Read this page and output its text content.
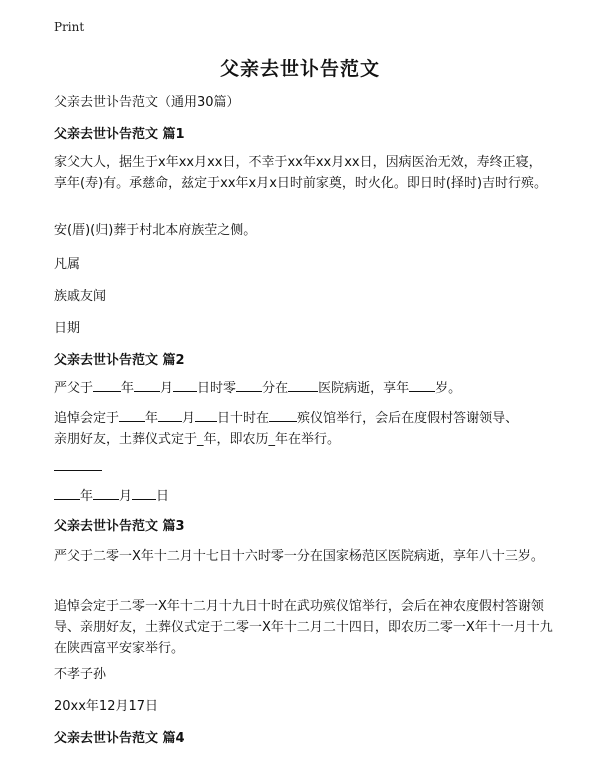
Print
父亲去世讣告范文
父亲去世讣告范文（通用30篇）
父亲去世讣告范文 篇1
家父大人，据生于x年xx月xx日，不幸于xx年xx月xx日，因病医治无效，寿终正寝，享年(寿)有。承慈命，兹定于xx年x月x日时前家奠，时火化。即日时(择时)吉时行殡。
安(厝)(归)葬于村北本府族茔之侧。
凡属
族戚友闻
日期
父亲去世讣告范文 篇2
严父于 年 月 日时零 分在 医院病逝，享年 岁。
追悼会定于 年 月 日十时在 殡仪馆举行，会后在度假村答谢领导、
亲朋好友，土葬仪式定于_年，即农历_年在举行。
年 月 日
父亲去世讣告范文 篇3
严父于二零一X年十二月十七日十六时零一分在国家杨范区医院病逝，享年八十三岁。
追悼会定于二零一X年十二月十九日十时在武功殡仪馆举行，会后在神农度假村答谢领导、亲朋好友，土葬仪式定于二零一X年十二月二十四日，即农历二零一X年十一月十九在陕西富平安家举行。
不孝子孙
20xx年12月17日
父亲去世讣告范文 篇4
